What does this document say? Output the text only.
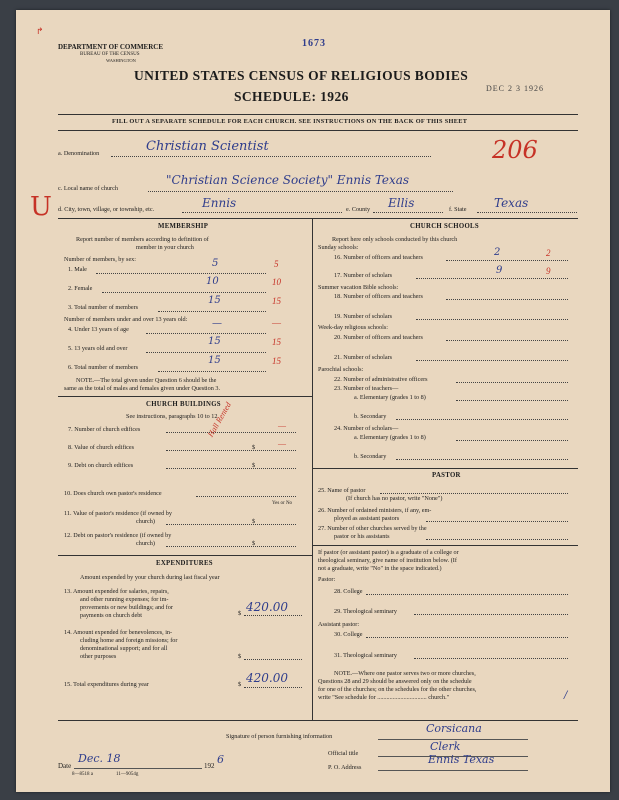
↱
DEPARTMENT OF COMMERCE
BUREAU OF THE CENSUS
WASHINGTON
1673
UNITED STATES CENSUS OF RELIGIOUS BODIES
SCHEDULE: 1926
DEC 2 3 1926
FILL OUT A SEPARATE SCHEDULE FOR EACH CHURCH. SEE INSTRUCTIONS ON THE BACK OF THIS SHEET
a. Denomination	Christian Scientist	206
U
c. Local name of church
"Christian Science Society" Ennis Texas
d. City, town, village, or township, etc.	Ennis	e. County Ellis	f. State Texas
MEMBERSHIP
Report number of members according to definition of
member in your church
Number of members, by sex:
1. Male
5	5
2. Female
10	10
3. Total number of members
15	15
Number of members under and over 13 years old:
4. Under 13 years of age
—	—
5. 13 years old and over
15	15
6. Total number of members
15	15
NOTE.—The total given under Question 6 should be the
same as the total of males and females given under Question 3.
CHURCH BUILDINGS
See instructions, paragraphs 10 to 12
7. Number of church edifices	—
8. Value of church edifices	$	—
Hall Rented
9. Debt on church edifices	$
10. Does church own pastor's residence
Yes or No
11. Value of pastor's residence (if owned by
church)	$
12. Debt on pastor's residence (if owned by
church)	$
EXPENDITURES
Amount expended by your church during last fiscal year
13. Amount expended for salaries, repairs,
and other running expenses; for im-
provements or new buildings; and for
payments on church debt	$ 420.00
14. Amount expended for benevolences, in-
cluding home and foreign missions; for
denominational support; and for all
other purposes	$
15. Total expenditures during year	$ 420.00
CHURCH SCHOOLS
Report here only schools conducted by this church
Sunday schools:
16. Number of officers and teachers	2	2
17. Number of scholars	9	9
Summer vacation Bible schools:
18. Number of officers and teachers
19. Number of scholars
Week-day religious schools:
20. Number of officers and teachers
21. Number of scholars
Parochial schools:
22. Number of administrative officers
23. Number of teachers—
a. Elementary (grades 1 to 8)
b. Secondary
24. Number of scholars—
a. Elementary (grades 1 to 8)
b. Secondary
PASTOR
25. Name of pastor
(If church has no pastor, write "None")
26. Number of ordained ministers, if any, em-
ployed as assistant pastors
27. Number of other churches served by the
pastor or his assistants
If pastor (or assistant pastor) is a graduate of a college or
theological seminary, give name of institution below. (If
not a graduate, write "No" in the space indicated.)
Pastor:
28. College
29. Theological seminary
Assistant pastor:
30. College
31. Theological seminary
NOTE.—Where one pastor serves two or more churches,
Questions 28 and 29 should be answered only on the schedule
for one of the churches; on the schedules for the other churches,
write "See schedule for ................................ church."	/
Signature of person furnishing information
Corsicana
Official title
Clerk
Date
Dec. 18
192 6
P. O. Address
Ennis Texas
8—8518 a	11—9054g
